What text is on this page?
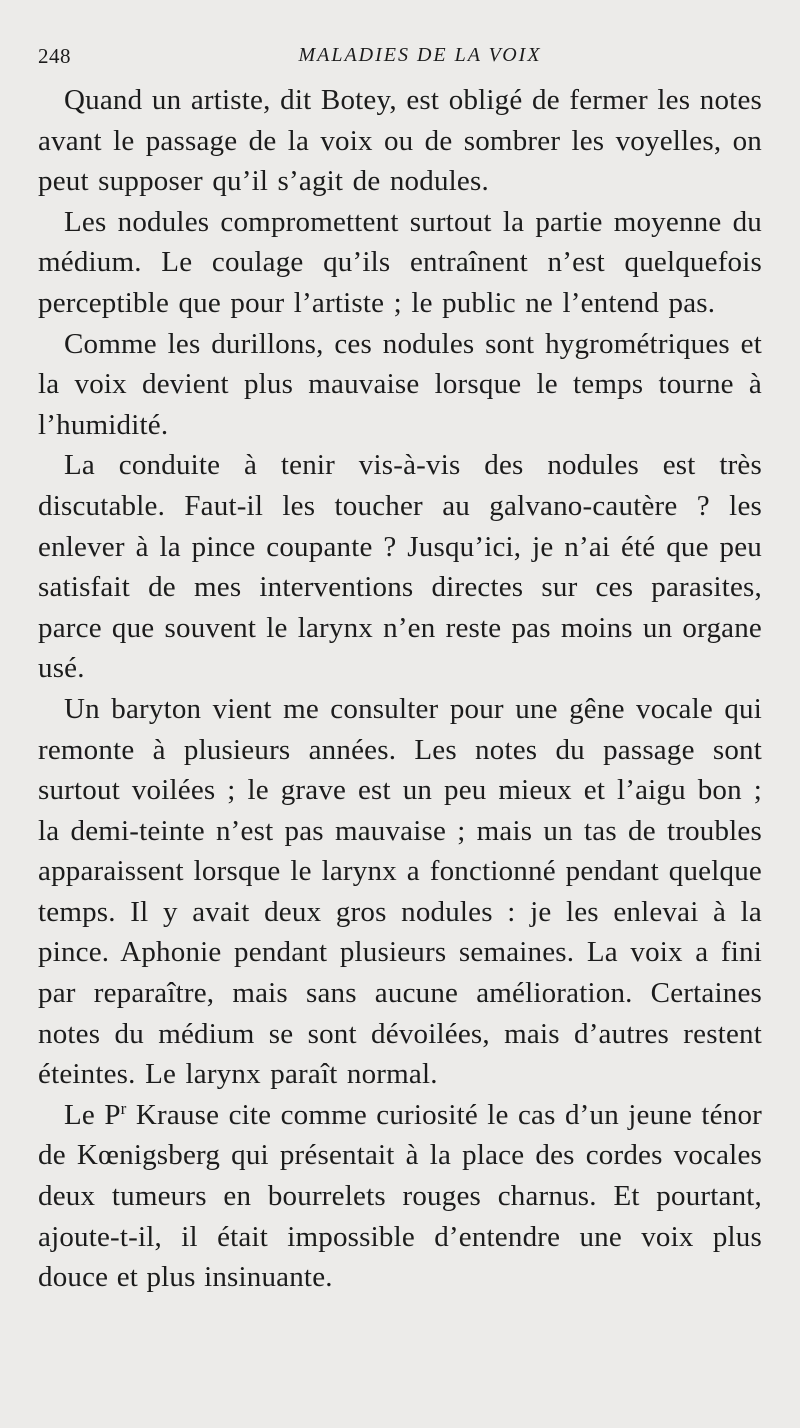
248	MALADIES DE LA VOIX

Quand un artiste, dit Botey, est obligé de fermer les notes avant le passage de la voix ou de sombrer les voyelles, on peut supposer qu’il s’agit de nodules.

Les nodules compromettent surtout la partie moyenne du médium. Le coulage qu’ils entraînent n’est quelquefois perceptible que pour l’artiste ; le public ne l’entend pas.

Comme les durillons, ces nodules sont hygrométriques et la voix devient plus mauvaise lorsque le temps tourne à l’humidité.

La conduite à tenir vis-à-vis des nodules est très discutable. Faut-il les toucher au galvano-cautère ? les enlever à la pince coupante ? Jusqu’ici, je n’ai été que peu satisfait de mes interventions directes sur ces parasites, parce que souvent le larynx n’en reste pas moins un organe usé.

Un baryton vient me consulter pour une gêne vocale qui remonte à plusieurs années. Les notes du passage sont surtout voilées ; le grave est un peu mieux et l’aigu bon ; la demi-teinte n’est pas mauvaise ; mais un tas de troubles apparaissent lorsque le larynx a fonctionné pendant quelque temps. Il y avait deux gros nodules : je les enlevai à la pince. Aphonie pendant plusieurs semaines. La voix a fini par reparaître, mais sans aucune amélioration. Certaines notes du médium se sont dévoilées, mais d’autres restent éteintes. Le larynx paraît normal.

Le $P^r$ Krause cite comme curiosité le cas d’un jeune ténor de Kœnigsberg qui présentait à la place des cordes vocales deux tumeurs en bourrelets rouges charnus. Et pourtant, ajoute-t-il, il était impossible d’entendre une voix plus douce et plus insinuante.
